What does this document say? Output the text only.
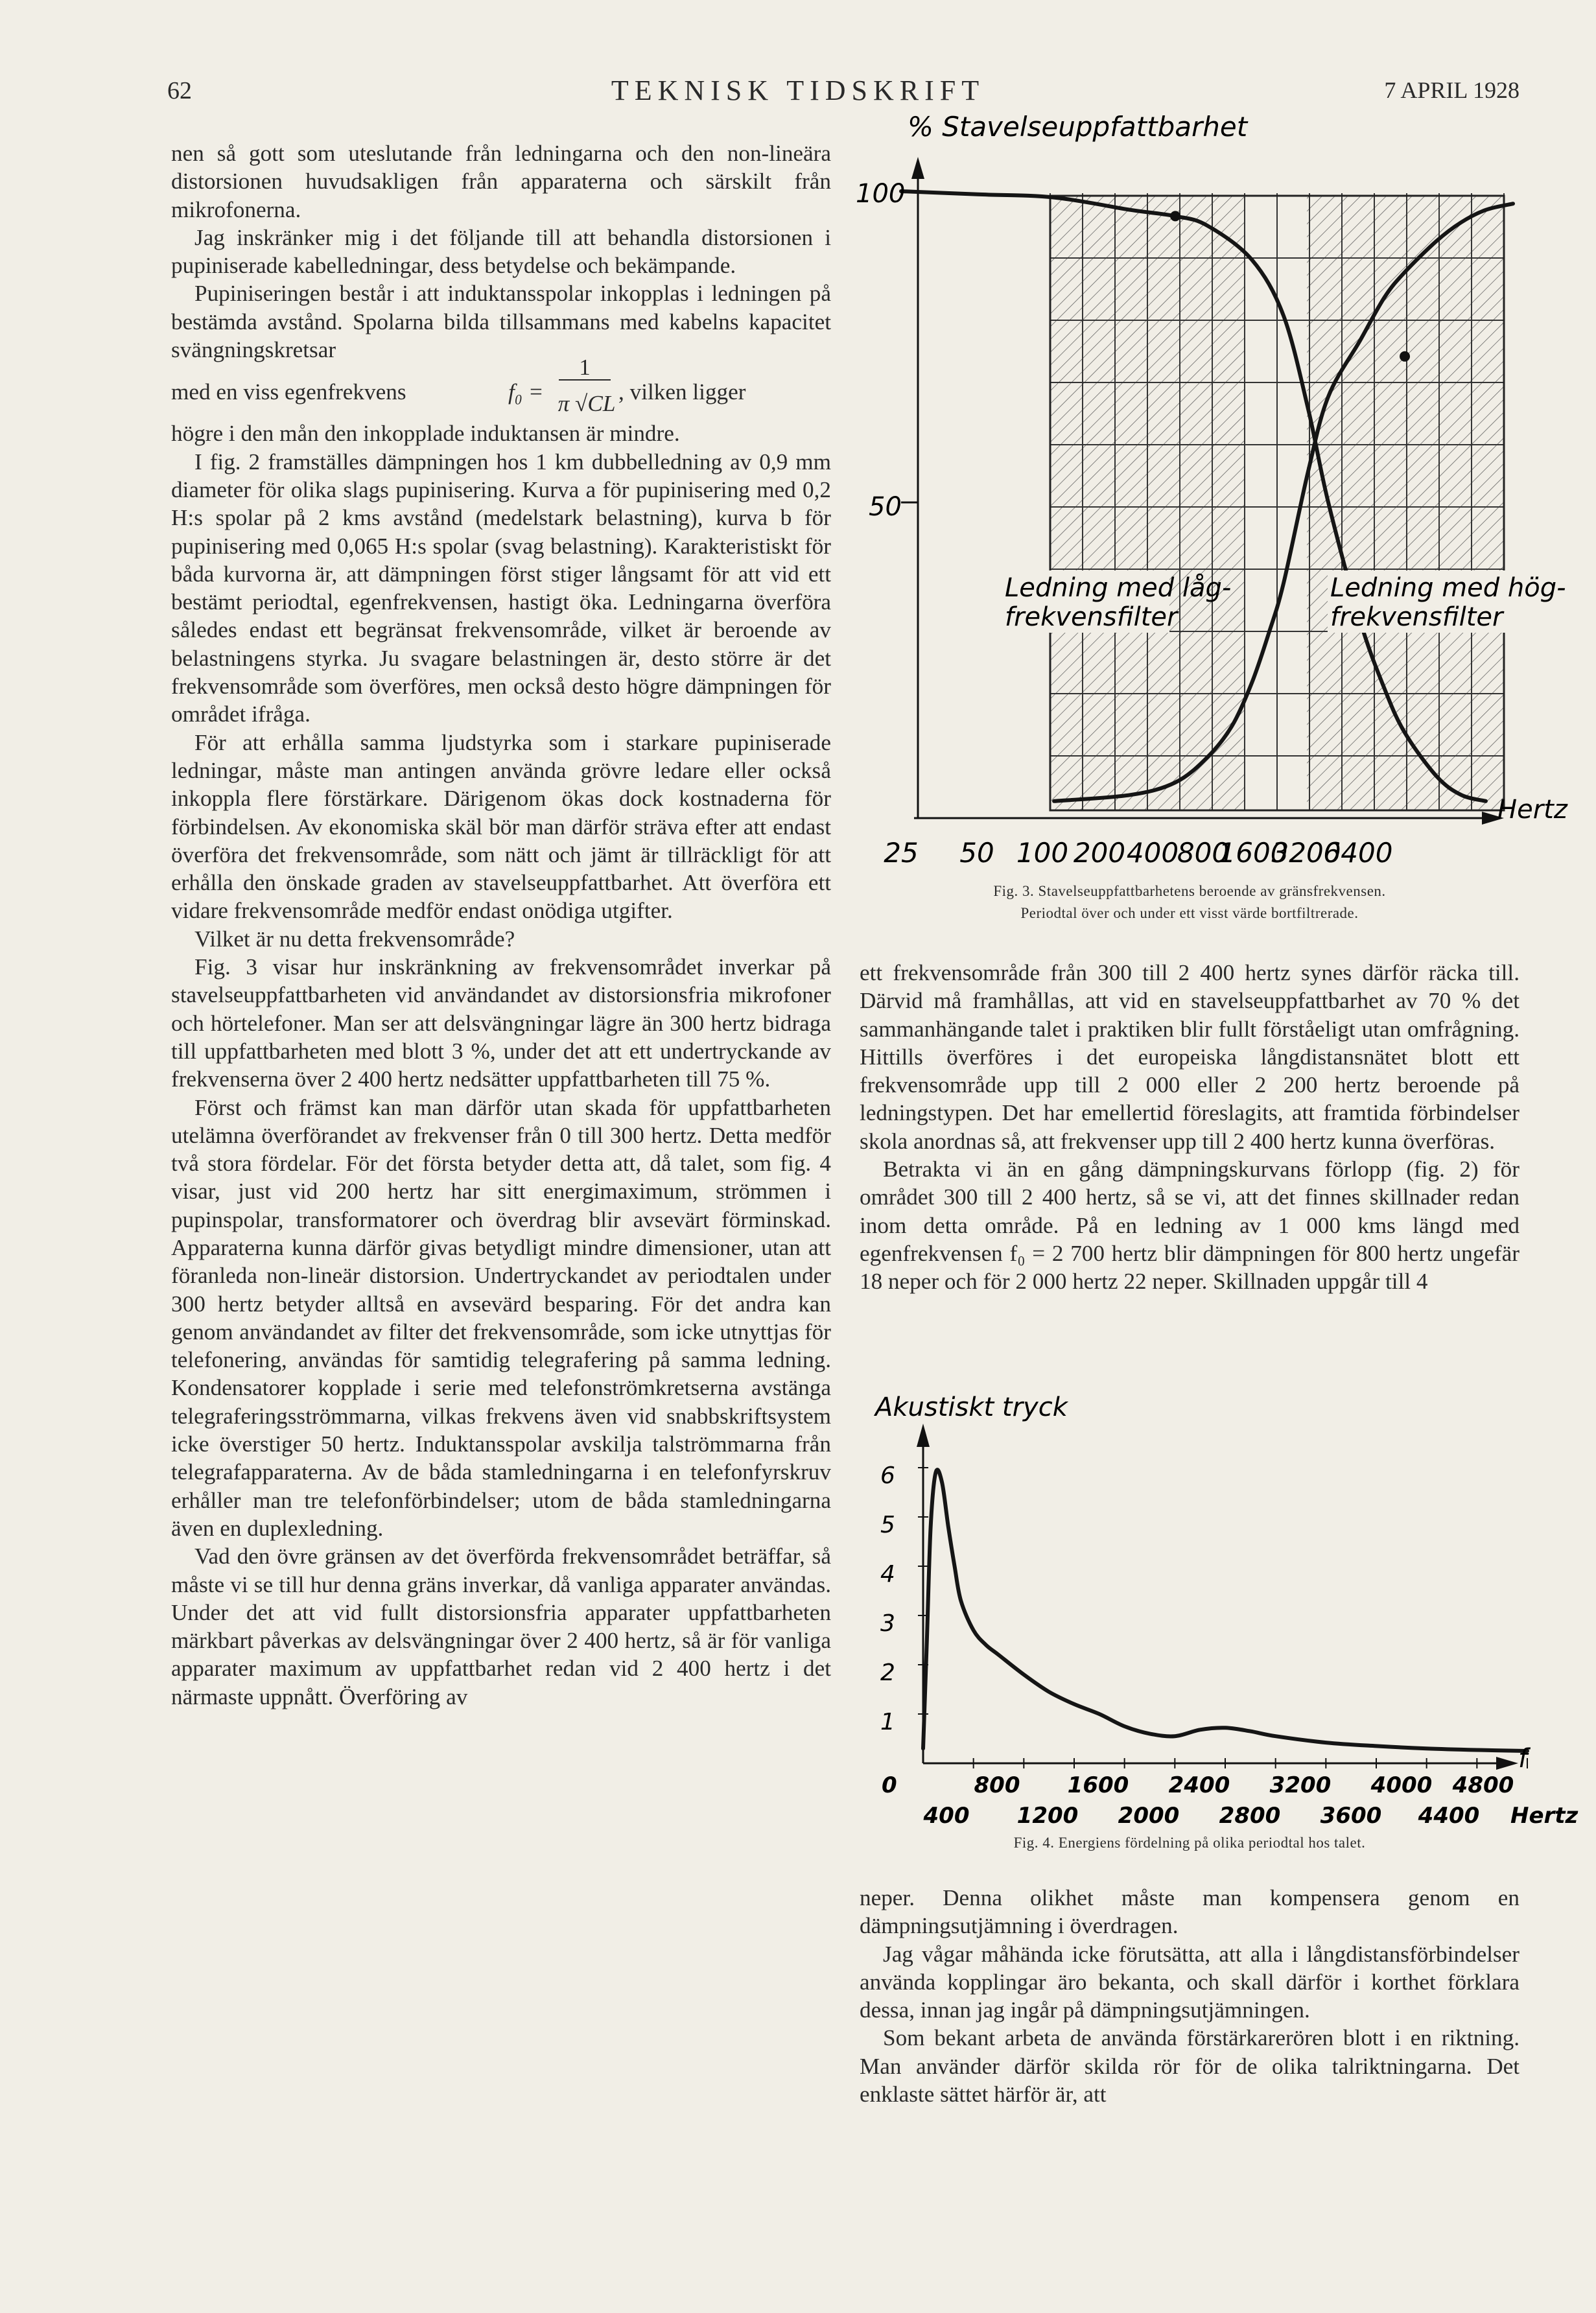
62	TEKNISK TIDSKRIFT	7 APRIL 1928

nen så gott som uteslutande från ledningarna och den non-lineära distorsionen huvudsakligen från apparaterna och särskilt från mikrofonerna.

Jag inskränker mig i det följande till att behandla distorsionen i pupiniserade kabelledningar, dess betydelse och bekämpande.

Pupiniseringen består i att induktansspolar inkopplas i ledningen på bestämda avstånd. Spolarna bilda tillsammans med kabelns kapacitet svängningskretsar

med en viss egenfrekvens	f₀ =
1
π √CL , vilken ligger

högre i den mån den inkopplade induktansen är mindre.

I fig. 2 framställes dämpningen hos 1 km dubbelledning av 0,9 mm diameter för olika slags pupinisering. Kurva a för pupinisering med 0,2 H:s spolar på 2 kms avstånd (medelstark belastning), kurva b för pupinisering med 0,065 H:s spolar (svag belastning). Karakteristiskt för båda kurvorna är, att dämpningen först stiger långsamt för att vid ett bestämt periodtal, egenfrekvensen, hastigt öka. Ledningarna överföra således endast ett begränsat frekvensområde, vilket är beroende av belastningens styrka. Ju svagare belastningen är, desto större är det frekvensområde som överföres, men också desto högre dämpningen för området ifråga.

För att erhålla samma ljudstyrka som i starkare pupiniserade ledningar, måste man antingen använda grövre ledare eller också inkoppla flere förstärkare. Därigenom ökas dock kostnaderna för förbindelsen. Av ekonomiska skäl bör man därför sträva efter att endast överföra det frekvensområde, som nätt och jämt är tillräckligt för att erhålla den önskade graden av stavelseuppfattbarhet. Att överföra ett vidare frekvensområde medför endast onödiga utgifter.

Vilket är nu detta frekvensområde?

Fig. 3 visar hur inskränkning av frekvensområdet inverkar på stavelseuppfattbarheten vid användandet av distorsionsfria mikrofoner och hörtelefoner. Man ser att delsvängningar lägre än 300 hertz bidraga till uppfattbarheten med blott 3 %, under det att ett undertryckande av frekvenserna över 2 400 hertz nedsätter uppfattbarheten till 75 %.

Först och främst kan man därför utan skada för uppfattbarheten utelämna överförandet av frekvenser från 0 till 300 hertz. Detta medför två stora fördelar. För det första betyder detta att, då talet, som fig. 4 visar, just vid 200 hertz har sitt energimaximum, strömmen i pupinspolar, transformatorer och överdrag blir avsevärt förminskad. Apparaterna kunna därför givas betydligt mindre dimensioner, utan att föranleda non-lineär distorsion. Undertryckandet av periodtalen under 300 hertz betyder alltså en avsevärd besparing. För det andra kan genom användandet av filter det frekvensområde, som icke utnyttjas för telefonering, användas för samtidig telegrafering på samma ledning. Kondensatorer kopplade i serie med telefonströmkretserna avstänga telegraferingsströmmarna, vilkas frekvens även vid snabbskriftsystem icke överstiger 50 hertz. Induktansspolar avskilja talströmmarna från telegrafapparaterna. Av de båda stamledningarna i en telefonfyrskruv erhåller man tre telefonförbindelser; utom de båda stamledningarna även en duplexledning.

Vad den övre gränsen av det överförda frekvensområdet beträffar, så måste vi se till hur denna gräns inverkar, då vanliga apparater användas. Under det att vid fullt distorsionsfria apparater uppfattbarheten märkbart påverkas av delsvängningar över 2 400 hertz, så är för vanliga apparater maximum av uppfattbarhet redan vid 2 400 hertz i det närmaste uppnått. Överföring av

% Stavelseuppfattbarhet
100
50
Hertz
25 50 100 200 400
800
1600
3200
6400
Ledning med låg-
frekvensfilter
Ledning med hög-
frekvensfilter
Fig. 3. Stavelseuppfattbarhetens beroende av gränsfrekvensen.
Periodtal över och under ett visst värde bortfiltrerade.

ett frekvensområde från 300 till 2 400 hertz synes därför räcka till. Därvid må framhållas, att vid en stavelseuppfattbarhet av 70 % det sammanhängande talet i praktiken blir fullt förståeligt utan omfrågning. Hittills överföres i det europeiska långdistansnätet blott ett frekvensområde upp till 2 000 eller 2 200 hertz beroende på ledningstypen. Det har emellertid föreslagits, att framtida förbindelser skola anordnas så, att frekvenser upp till 2 400 hertz kunna överföras.

Betrakta vi än en gång dämpningskurvans förlopp (fig. 2) för området 300 till 2 400 hertz, så se vi, att det finnes skillnader redan inom detta område. På en ledning av 1 000 kms längd med egenfrekvensen f₀ = 2 700 hertz blir dämpningen för 800 hertz ungefär 18 neper och för 2 000 hertz 22 neper. Skillnaden uppgår till 4

Akustiskt tryck
6
5
4
3
2
1
0	800 1600 2400 3200 4000 4800
400 1200 2000 2800 3600 4400 Hertz
f
Fig. 4. Energiens fördelning på olika periodtal hos talet.

neper. Denna olikhet måste man kompensera genom en dämpningsutjämning i överdragen.

Jag vågar måhända icke förutsätta, att alla i långdistansförbindelser använda kopplingar äro bekanta, och skall därför i korthet förklara dessa, innan jag ingår på dämpningsutjämningen.

Som bekant arbeta de använda förstärkarerören blott i en riktning. Man använder därför skilda rör för de olika talriktningarna. Det enklaste sättet härför är, att
